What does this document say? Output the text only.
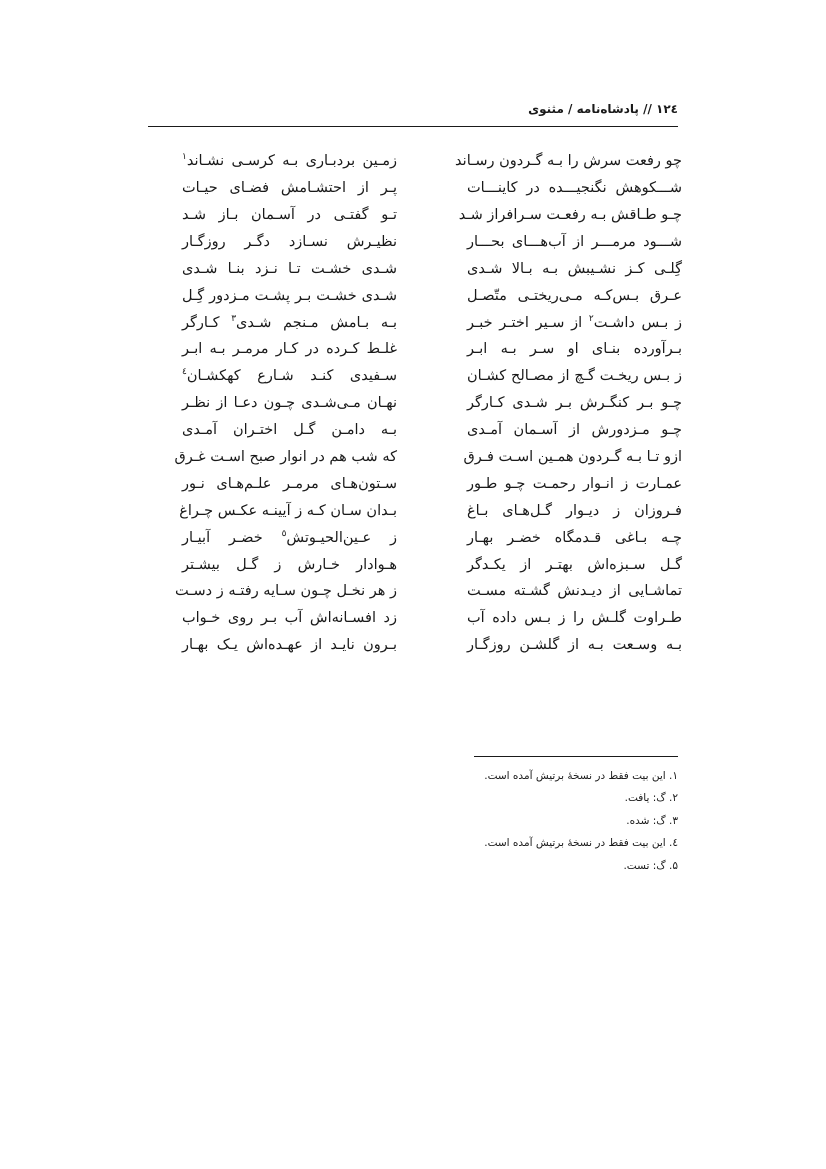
۱۲٤ // پادشاه‌نامه / مثنوی
چو رفعت سرش را بـه گـردون رسـاند
زمـین بردبـاری بـه کرسـی نشـاند$^۱$
شـــکوهش نگنجیـــده در کاینـــات
پـر از احتشـامش فضـای حیـات
چـو طـاقش بـه رفعـت سـرافراز شـد
تـو گفتـی در آسـمان بـاز شـد
شـــود مرمـــر از آب‌هـــای بحـــار
نظیـرش نسـازد دگـر روزگـار
گِلـی کـز نشـیبش بـه بـالا شـدی
شـدی خشـت تـا نـزد بنـا شـدی
عـرق بـس‌کـه مـی‌ریختـی متّصـل
شـدی خشـت بـر پشـت مـزدور گِـل
ز بـس داشـت$^۲$ از سـیر اختـر خبـر
بـه بـامش مـنجم شـدی$^۳$ کـارگر
بـرآورده بنـای او سـر بـه ابـر
غلـط کـرده در کـار مرمـر بـه ابـر
ز بـس ریخـت گـچ از مصـالح کشـان
سـفیدی کنـد شـارع کهکشـان$^٤$
چـو بـر کنگـرش بـر شـدی کـارگر
نهـان مـی‌شـدی چـون دعـا از نظـر
چـو مـزدورش از آسـمان آمـدی
بـه دامـن گـل اختـران آمـدی
ازو تـا بـه گـردون همـین اسـت فـرق
که شب هم در انوار صبح اسـت غـرق
عمـارت ز انـوار رحمـت چـو طـور
سـتون‌هـای مرمـر علـم‌هـای نـور
فـروزان ز دیـوار گـل‌هـای بـاغ
بـدان سـان کـه ز آیینـه عکـس چـراغ
چـه بـاغی قـدمگاه خضـر بهـار
ز عـین‌الحیـوتش$^٥$ خضـر آبیـار
گـل سـبزه‌اش بهتـر از یکـدگر
هـوادار خـارش ز گـل بیشـتر
تماشـایی از دیـدنش گشـته مسـت
ز هر نخـل چـون سـایه رفتـه ز دسـت
طـراوت گلـش را ز بـس داده آب
زد افسـانه‌اش آب بـر روی خـواب
بـه وسـعت بـه از گلشـن روزگـار
بـرون نایـد از عهـده‌اش یـک بهـار
۱. این بیت فقط در نسخهٔ برتیش آمده است.
۲. گ: یافت.
۳. گ: شده.
٤. این بیت فقط در نسخهٔ برتیش آمده است.
۵. گ: تست.
